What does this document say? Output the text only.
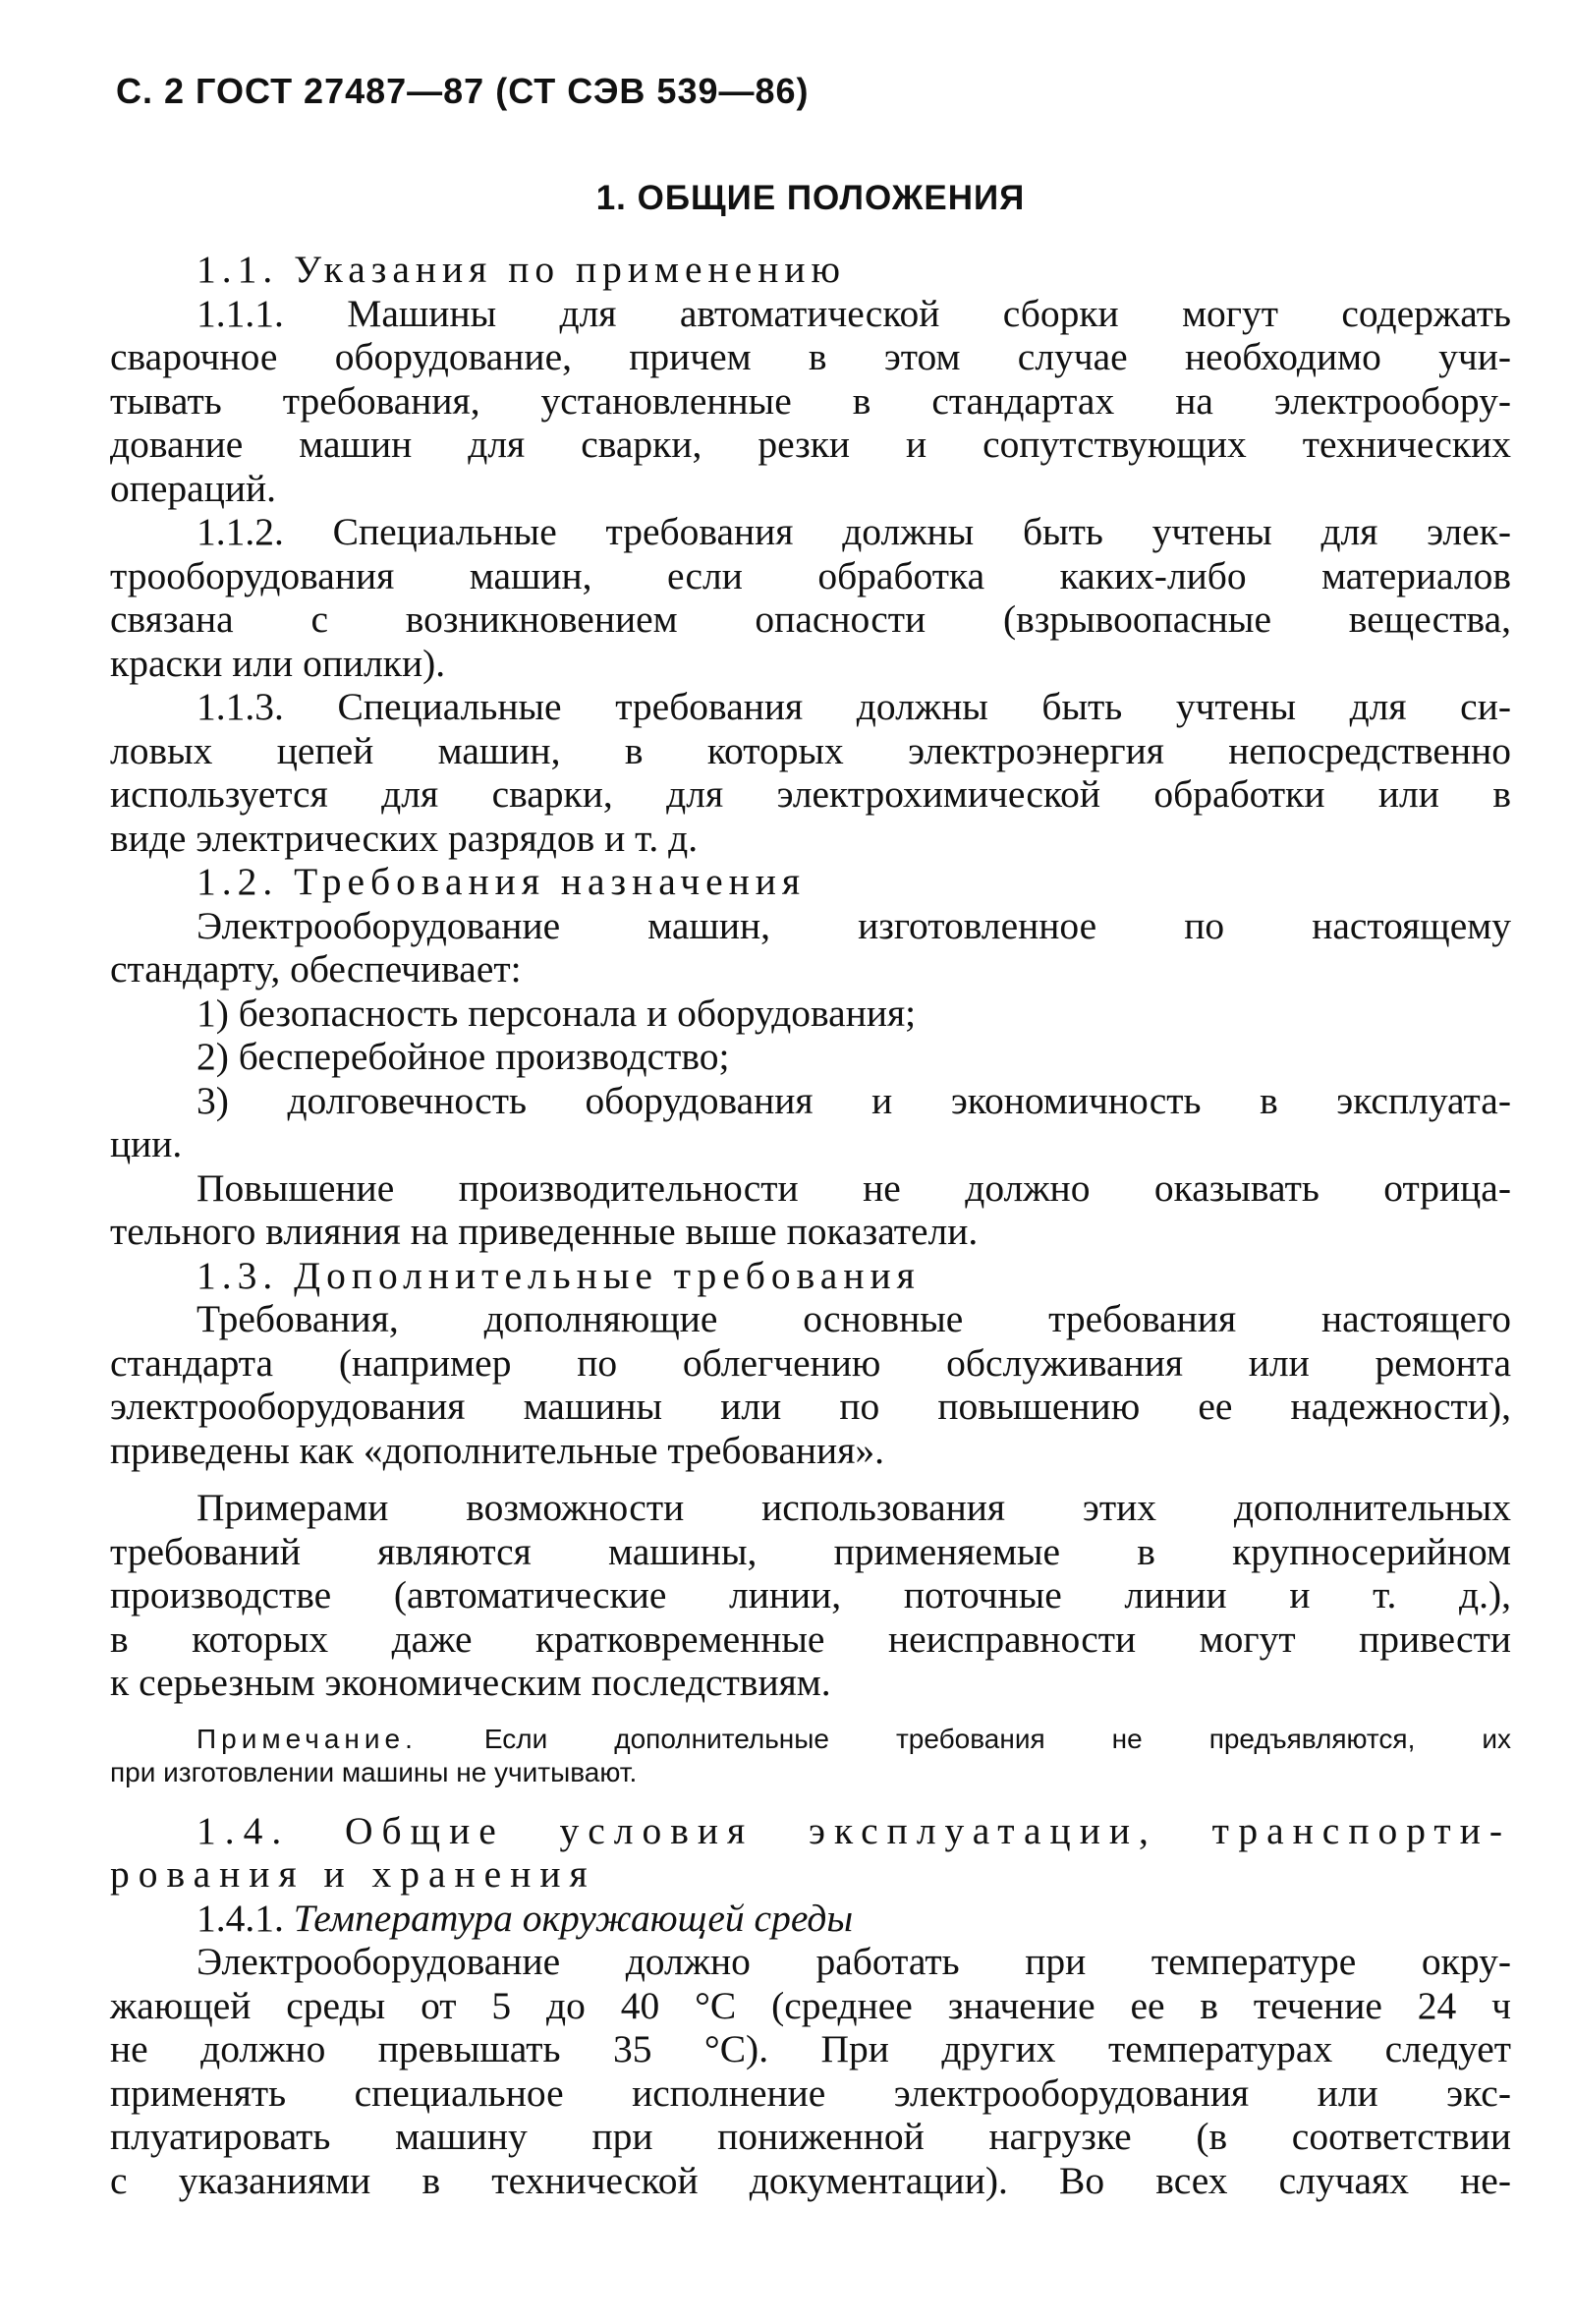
С. 2 ГОСТ 27487—87 (СТ СЭВ 539—86)
1. ОБЩИЕ ПОЛОЖЕНИЯ
1.1. Указания по применению
1.1.1. Машины для автоматической сборки могут содержать
сварочное оборудование, причем в этом случае необходимо учи-
тывать требования, установленные в стандартах на электрообору-
дование машин для сварки, резки и сопутствующих технических
операций.
1.1.2. Специальные требования должны быть учтены для элек-
трооборудования машин, если обработка каких-либо материалов
связана с возникновением опасности (взрывоопасные вещества,
краски или опилки).
1.1.3. Специальные требования должны быть учтены для си-
ловых цепей машин, в которых электроэнергия непосредственно
используется для сварки, для электрохимической обработки или в
виде электрических разрядов и т. д.
1.2. Требования назначения
Электрооборудование машин, изготовленное по настоящему
стандарту, обеспечивает:
1) безопасность персонала и оборудования;
2) бесперебойное производство;
3) долговечность оборудования и экономичность в эксплуата-
ции.
Повышение производительности не должно оказывать отрица-
тельного влияния на приведенные выше показатели.
1.3. Дополнительные требования
Требования, дополняющие основные требования настоящего
стандарта (например по облегчению обслуживания или ремонта
электрооборудования машины или по повышению ее надежности),
приведены как «дополнительные требования».
Примерами возможности использования этих дополнительных
требований являются машины, применяемые в крупносерийном
производстве (автоматические линии, поточные линии и т. д.),
в которых даже кратковременные неисправности могут привести
к серьезным экономическим последствиям.
Примечание. Если дополнительные требования не предъявляются, их
при изготовлении машины не учитывают.
1.4. Общие условия эксплуатации, транспорти-
рования и хранения
1.4.1. Температура окружающей среды
Электрооборудование должно работать при температуре окру-
жающей среды от 5 до 40 °С (среднее значение ее в течение 24 ч
не должно превышать 35 °С). При других температурах следует
применять специальное исполнение электрооборудования или экс-
плуатировать машину при пониженной нагрузке (в соответствии
с указаниями в технической документации). Во всех случаях не-
